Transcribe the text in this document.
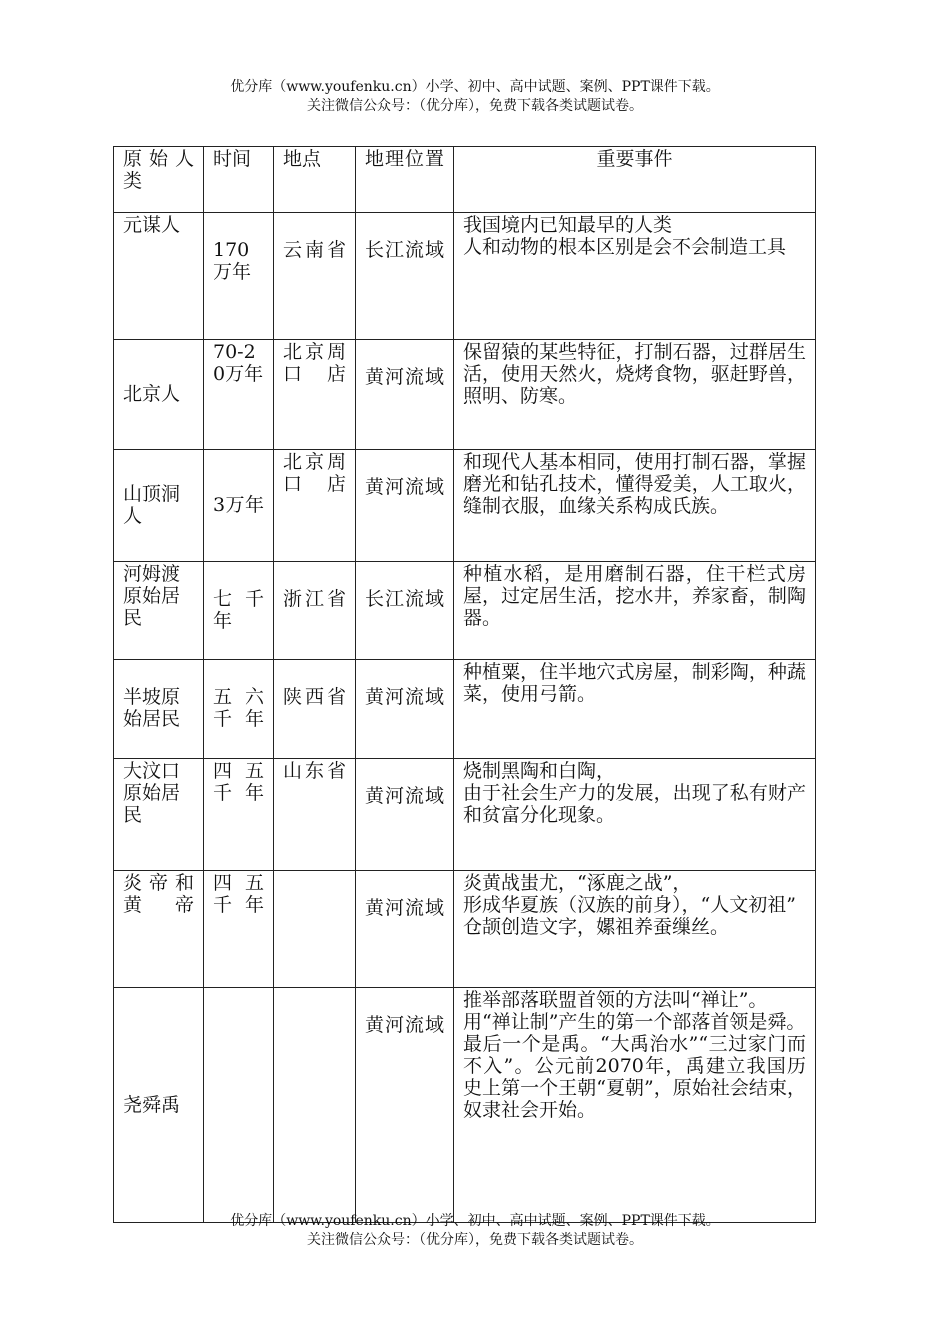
优分库（www.youfenku.cn）小学、初中、高中试题、案例、PPT课件下载。
关注微信公众号：（优分库），免费下载各类试题试卷。
原始人类	时间	地点	地理位置	重要事件
元谋人	170万年	云南省	长江流域	我国境内已知最早的人类
人和动物的根本区别是会不会制造工具
北京人	70-20万年	北京周口店	黄河流域	保留猿的某些特征，打制石器，过群居生活，使用天然火，烧烤食物，驱赶野兽，照明、防寒。
山顶洞人	3万年	北京周口店	黄河流域	和现代人基本相同，使用打制石器，掌握磨光和钻孔技术，懂得爱美，人工取火，缝制衣服，血缘关系构成氏族。
河姆渡原始居民	七千年	浙江省	长江流域	种植水稻，是用磨制石器，住干栏式房屋，过定居生活，挖水井，养家畜，制陶器。
半坡原始居民	五六千年	陕西省	黄河流域	种植粟，住半地穴式房屋，制彩陶，种蔬菜，使用弓箭。
大汶口原始居民	四五千年	山东省	黄河流域	烧制黑陶和白陶，
由于社会生产力的发展，出现了私有财产和贫富分化现象。
炎帝和黄帝	四五千年		黄河流域	炎黄战蚩尤，“涿鹿之战”，
形成华夏族（汉族的前身），“人文初祖”
仓颉创造文字，嫘祖养蚕缫丝。
尧舜禹			黄河流域	推举部落联盟首领的方法叫“禅让”。
用“禅让制”产生的第一个部落首领是舜。
最后一个是禹。“大禹治水”“三过家门而不入”。公元前2070年，禹建立我国历史上第一个王朝“夏朝”，原始社会结束，奴隶社会开始。
优分库（www.youfenku.cn）小学、初中、高中试题、案例、PPT课件下载。
关注微信公众号：（优分库），免费下载各类试题试卷。
